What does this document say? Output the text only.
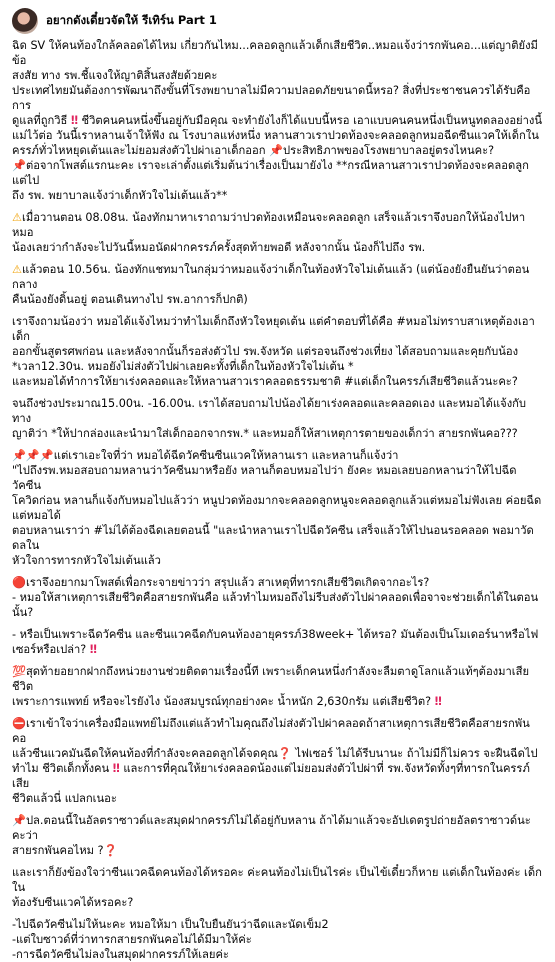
อยากดังเดี๋ยวจัดให้ รีเทิร์น Part 1

ฉิด SV ให้คนท้องใกล้คลอดได้ไหม เกี่ยวกันไหม...คลอดลูกแล้วเด็กเสียชีวิต..หมอแจ้งว่ารกพันคอ...แต่ญาติยังมีข้อ
สงสัย ทาง รพ.ชี้แจงให้ญาติสิ้นสงสัยด้วยคะ
ประเทศไทยมันต้องการพัฒนาถึงขั้นที่โรงพยาบาลไม่มีความปลอดภัยขนาดนี้หรอ? สิ่งที่ประชาชนควรได้รับคือการ
ดูแลที่ถูกวิธี ‼ ชีวิตคนคนหนึ่งขึ้นอยู่กับมือคุณ จะทำยังไงก็ได้แบบนี้หรอ เอาแบบคนคนหนึ่งเป็นหนูทดลองอย่างนี้
แม่ไว้ต่อ วันนี้เราหลานเจ้าให้ฟัง ณ โรงบาลแห่งหนึ่ง หลานสาวเราปวดท้องจะคลอดลูกหมอฉีดซีนแวคให้เด็กใน
ครรภ์ทั่วไหหยุดเต้นและไม่ยอมส่งตัวไปผ่าเอาเด็กออก 📌ประสิทธิภาพของโรงพยาบาลอยู่ตรงไหนคะ?
📌ต่อจากโพสต์แรกนะคะ เราจะเล่าตั้งแต่เริ่มต้นว่าเรื่องเป็นมายังไง **กรณีหลานสาวเราปวดท้องจะคลอดลูกแต่ไป
ถึง รพ. พยาบาลแจ้งว่าเด็กหัวใจไม่เต้นแล้ว**

⚠เมื่อวานตอน 08.08น. น้องทักมาหาเราถามว่าปวดท้องเหมือนจะคลอดลูก เสร็จแล้วเราจึงบอกให้น้องไปหาหมอ
น้องเลยว่ากำลังจะไปวันนี้หมอนัดฝากครรภ์ครั้งสุดท้ายพอดี หลังจากนั้น น้องก็ไปถึง รพ.

⚠แล้วตอน 10.56น. น้องทักแชทมาในกลุ่มว่าหมอแจ้งว่าเด็กในท้องหัวใจไม่เต้นแล้ว (แต่น้องยังยืนยันว่าตอนกลาง
คืนน้องยังดิ้นอยู่ ตอนเดินทางไป รพ.อาการก็ปกติ)

เราจึงถามน้องว่า หมอได้แจ้งไหมว่าทำไมเด็กถึงหัวใจหยุดเต้น แต่คำตอบที่ได้คือ #หมอไม่ทราบสาเหตุต้องเอาเด็ก
ออกขั้นสูตรศพก่อน และหลังจากนั้นก็รอส่งตัวไป รพ.จังหวัด แต่รอจนถึงช่วงเที่ยง ได้สอบถามและคุยกับน้อง
*เวลา12.30น. หมอยังไม่ส่งตัวไปผ่าเลยคะทั้งที่เด็กในท้องหัวใจไม่เต้น *
และหมอได้ทำการให้ยาเร่งคลอดและให้หลานสาวเราคลอดธรรมชาติ #แต่เด็กในครรภ์เสียชีวิตแล้วนะคะ?

จนถึงช่วงประมาณ15.00น. -16.00น. เราได้สอบถามไปน้องได้ยาเร่งคลอดและคลอดเอง และหมอได้แจ้งกับทาง
ญาติว่า *ให้ปากล่องและนำมาใส่เด็กออกจากรพ.* และหมอก็ให้สาเหตุการตายของเด็กว่า สายรกพันคอ???

📌📌📌แต่เราเอะใจที่ว่า หมอได้ฉีดวัคซีนซีนแวคให้หลานเรา และหลานก็แจ้งว่า
"ไปถึงรพ.หมอสอบถามหลานว่าวัคซีนมาหรือยัง หลานก็ตอบหมอไปว่า ยังคะ หมอเลยบอกหลานว่าให้ไปฉีดวัคซีน
โควิดก่อน หลานก็แจ้งกับหมอไปแล้วว่า หนูปวดท้องมากจะคลอดลูกหนูจะคลอดลูกแล้วแต่หมอไม่ฟังเลย ค่อยฉีด แต่หมอได้
ตอบหลานเราว่า #ไม่ได้ต้องฉีดเลยตอนนี้ "และนำหลานเราไปฉีดวัคซีน เสร็จแล้วให้ไปนอนรอคลอด พอมาวัดดลใน
หัวใจการทารกหัวใจไม่เต้นแล้ว

🔴เราจึงอยากมาโพสต์เพื่อกระจายข่าวว่า สรุปแล้ว สาเหตุที่ทารกเสียชีวิตเกิดจากอะไร?
- หมอให้สาเหตุการเสียชีวิตคือสายรกพันคือ แล้วทำไมหมอถึงไม่รีบส่งตัวไปผ่าคลอดเพื่อจาจะช่วยเด็กได้ในตอน
นั้น?

- หรือเป็นเพราะฉีดวัคซีน และซีนแวคฉีดกับคนท้องอายุครรภ์38week+ ได้หรอ? มันต้องเป็นโมเดอร์นาหรือไฟ
เซอร์หรือเปล่า? ‼

💯สุดท้ายอยากฝากถึงหน่วยงานช่วยติดตามเรื่องนี้ที เพราะเด็กคนหนึ่งกำลังจะลืมตาดูโลกแล้วแท้ๆต้องมาเสียชีวิต
เพราะการแพทย์ หรือจะไรยังไง น้องสมบูรณ์ทุกอย่างคะ น้ำหนัก 2,630กรัม แต่เสียชีวิต? ‼

⛔เราเข้าใจว่าเครื่องมือแพทย์ไม่ถึงแต่แล้วทำไมคุณถึงไม่ส่งตัวไปผ่าคลอดถ้าสาเหตุการเสียชีวิตคือสายรกพันคอ
แล้วซีนแวคมันฉีดให้คนท้องที่กำลังจะคลอดลูกได้จดคุณ❓ ไฟเซอร์ ไม่ได้รีบนานะ ถ้าไม่มีก็ไม่ควร จะฝืนฉีดไป
ทำไม ชีวิตเด็กทั้งคน ‼ และการที่คุณให้ยาเร่งคลอดน้องแต่ไม่ยอมส่งตัวไปผ่าที่ รพ.จังหวัดทั้งๆที่ทารกในครรภ์เสีย
ชีวิตแล้วนี่ แปลกเนอะ

📌ปล.ตอนนี้ในอัลตราซาวด์และสมุดฝากครรภ์ไม่ได้อยู่กับหลาน ถ้าได้มาแล้วจะอัปเดตรูปถ่ายอัลตราซาวด์นะคะว่า
สายรกพันคอไหม ?❓

และเราก็ยังข้องใจว่าซีนแวคฉีดคนท้องได้หรอคะ ค่ะคนท้องไม่เป็นไรค่ะ เป็นไข้เดี๋ยวก็หาย แต่เด็กในท้องค่ะ เด็กใน
ท้องรับซีนแวคได้หรอคะ?

-ไปฉีดวัคซีนไม่ให้นะคะ หมอให้มา เป็นใบยืนยันว่าฉีดและนัดเข็ม2
-แต่ใบซาวด์ที่ว่าทารกสายรกพันคอไม่ได้มีมาให้ค่ะ
-การฉีดวัคซีนไม่ลงในสมุดฝากครรภ์ให้เลยค่ะ
